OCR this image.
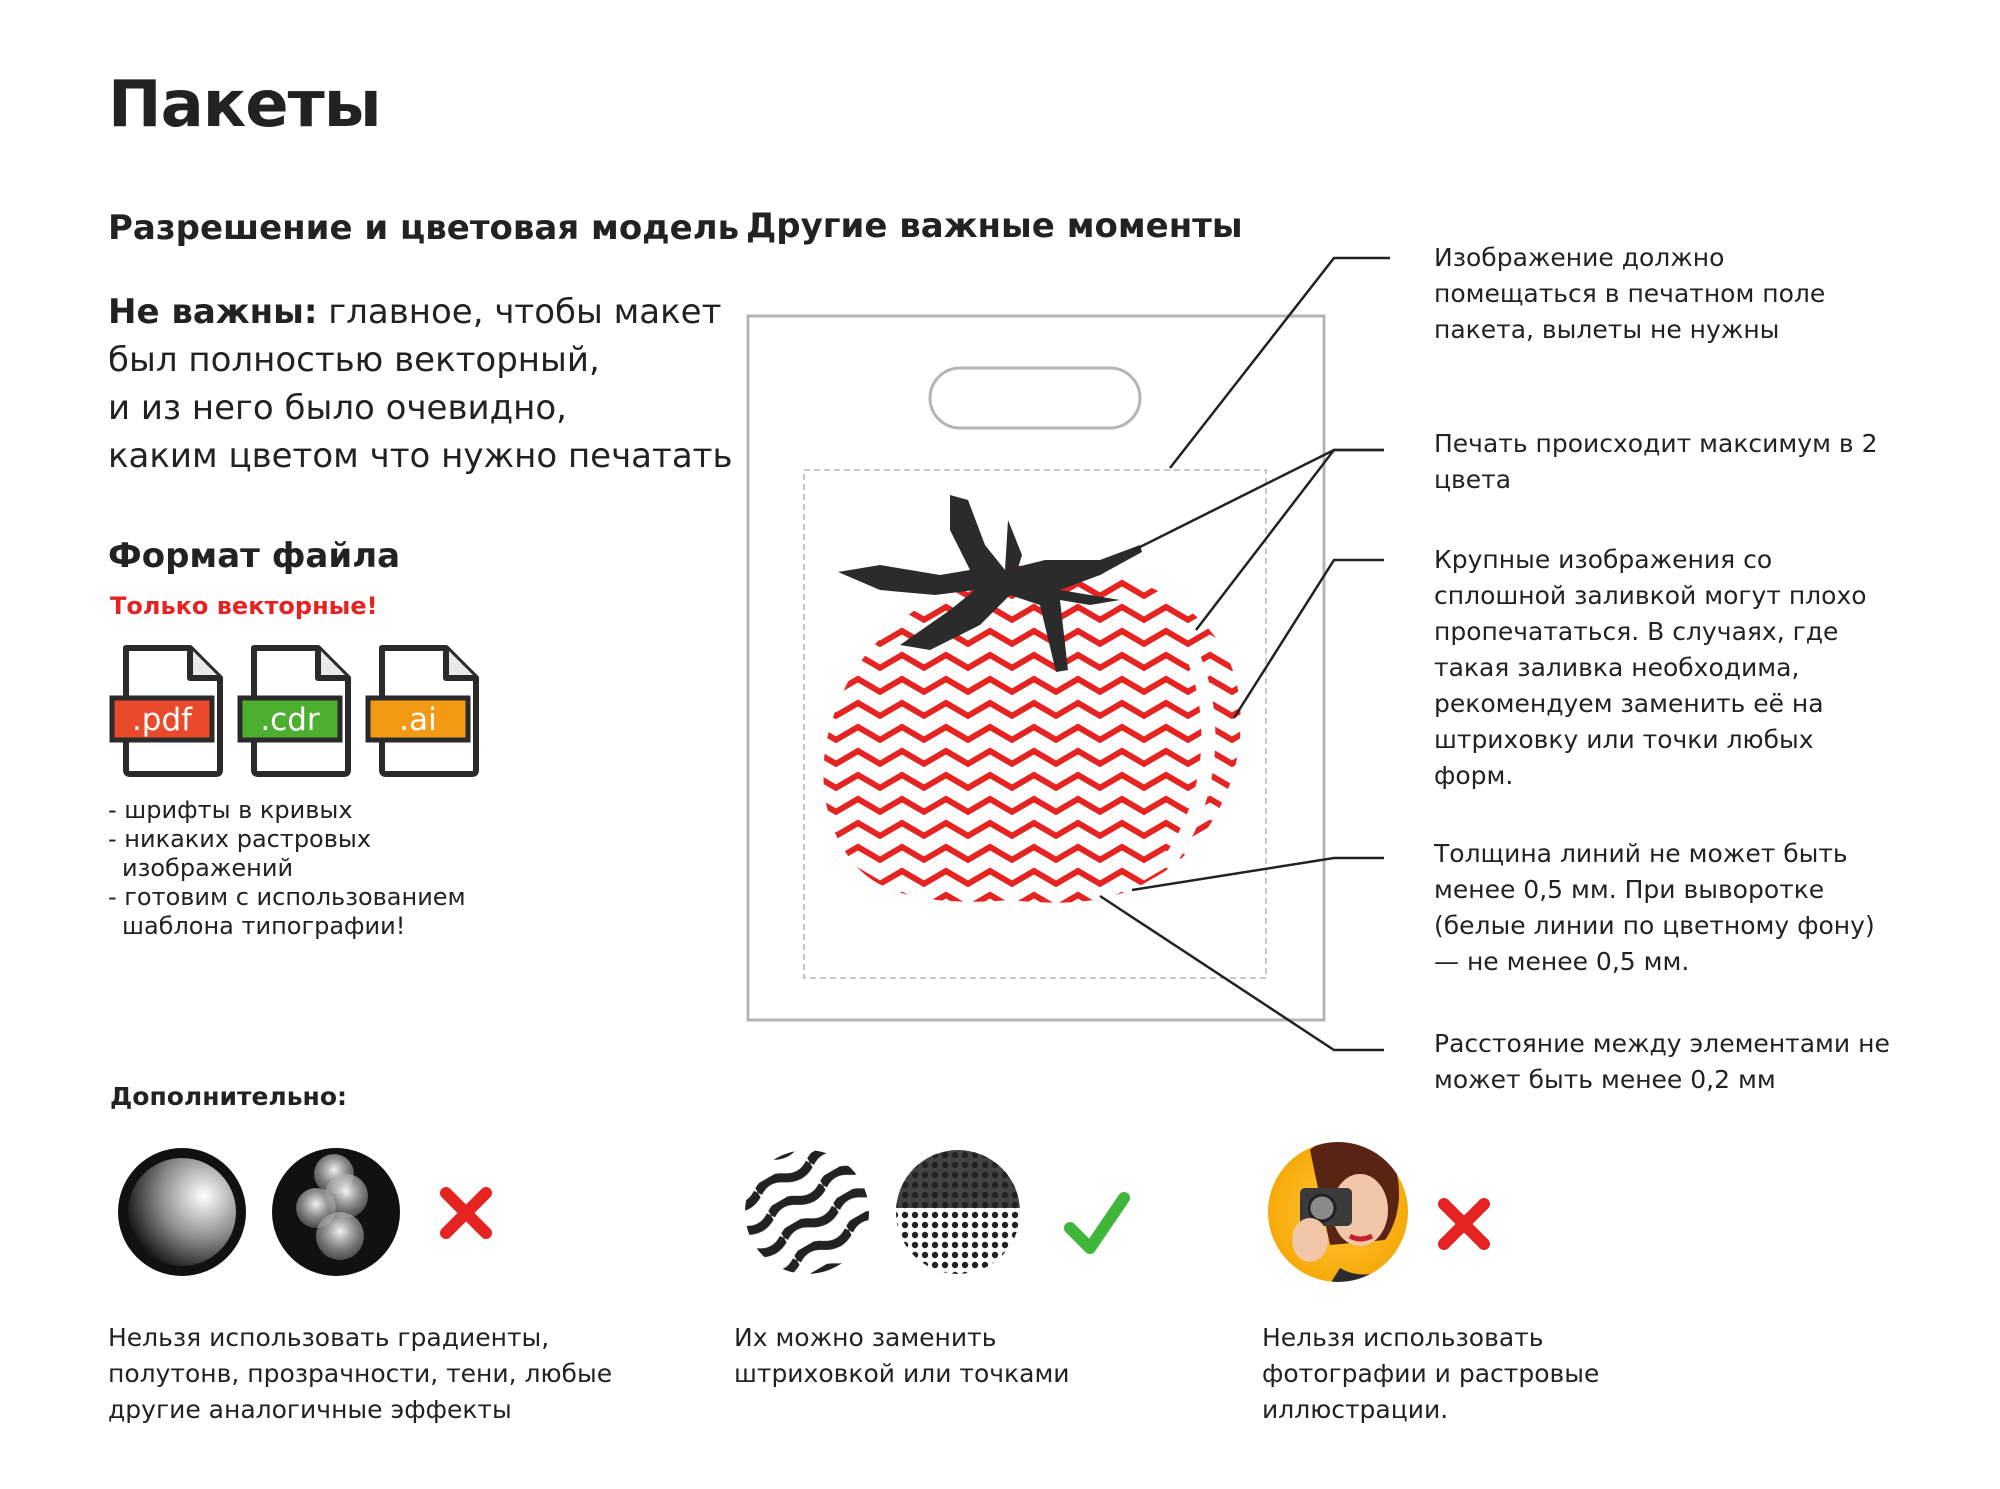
Пакеты
Разрешение и цветовая модель
Не важны: главное, чтобы макет
был полностью векторный,
и из него было очевидно,
каким цветом что нужно печатать
Формат файла
Только векторные!
.pdf .cdr	.ai
- шрифты в кривых
- никаких растровых изображений
- готовим с использованием шаблона типографии!
Другие важные моменты
Изображение должно помещаться в печатном поле пакета, вылеты не нужны
Печать происходит максимум в 2 цвета
Крупные изображения со сплошной заливкой могут плохо пропечататься. В случаях, где такая заливка необходима, рекомендуем заменить её на штриховку или точки любых форм.
Толщина линий не может быть менее 0,5 мм. При выворотке (белые линии по цветному фону) — не менее 0,5 мм.
Расстояние между элементами не может быть менее 0,2 мм
Дополнительно:
Нельзя использовать градиенты, полутонв, прозрачности, тени, любые другие аналогичные эффекты
Их можно заменить штриховкой или точками
Нельзя использовать фотографии и растровые иллюстрации.
